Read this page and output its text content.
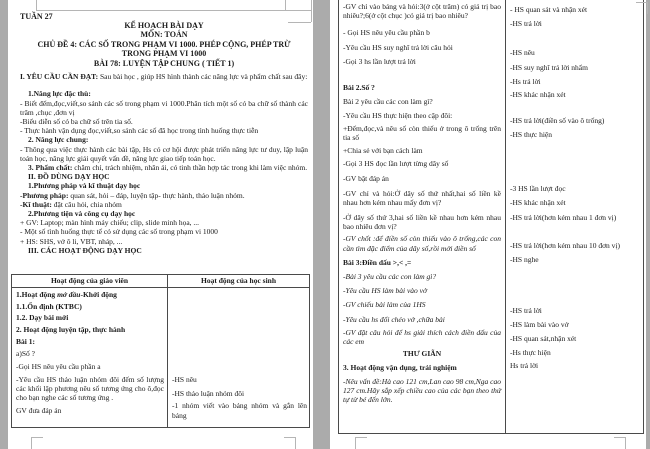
TUẦN 27

KẾ HOẠCH BÀI DẠY

MÔN: TOÁN

CHỦ ĐỀ 4: CÁC SỐ TRONG PHẠM VI 1000. PHÉP CỘNG, PHÉP TRỪ

TRONG PHẠM VI 1000

BÀI 78: LUYỆN TẬP CHUNG ( TIẾT 1)

I. YÊU CẦU CẦN ĐẠT: Sau bài học , giúp HS hình thành các năng lực và phẩm chất sau đây:

1.Năng lực đặc thù:

- Biết đếm,đọc,viết,so sánh các số trong phạm vi 1000.Phân tích một số có ba chữ số thành các trăm ,chục ,đơn vị

-Biểu diễn số có ba chữ số trên tia số.

- Thực hành vận dụng đọc,viết,so sánh các số đã học trong tình huống thực tiễn

2. Năng lực chung:

- Thông qua việc thực hành các bài tập, Hs có cơ hội được phát triển năng lực tư duy, lập luận toán học, năng lực giải quyết vấn đề, năng lực giao tiếp toán học.

3. Phẩm chất: chăm chỉ, trách nhiệm, nhân ái, có tinh thần hợp tác trong khi làm việc nhóm.

II. ĐỒ DÙNG DẠY HỌC

1.Phương pháp và kĩ thuật dạy học

-Phương pháp: quan sát, hỏi – đáp, luyện tập- thực hành, thảo luận nhóm.

-Kĩ thuật: đặt câu hỏi, chia nhóm

2.Phương tiện và công cụ dạy học

+ GV: Laptop; màn hình máy chiếu; clip, slide minh họa, ...

- Một số tình huống thực tế có sử dụng các số trong phạm vi 1000

+ HS: SHS, vở ô li, VBT, nháp, ...

III. CÁC HOẠT ĐỘNG DẠY HỌC

Hoạt động của giáo viên	Hoạt động của học sinh

1.Hoạt động mở đầu-Khởi động

1.1.Ổn định (KTBC)

1.2. Dạy bài mới

2. Hoạt động luyện tập, thực hành

Bài 1:

a)Số ?

-Gọi HS nêu yêu cầu phần a

-Yêu cầu HS thảo luận nhóm đôi đếm số lượng các khối lập phương nêu số tương ứng cho ô,đọc cho bạn nghe các số tương ứng .

GV đưa đáp án

-HS nêu

-HS thảo luận nhóm đôi

-1 nhóm viết vào bảng nhóm và gắn lên bảng

-GV chỉ vào bảng và hỏi:3(ở cột trăm) có giá trị bao nhiêu?;6(ở cột chục )có giá trị bao nhiêu?

- Gọi HS nêu yêu cầu phần b

-Yêu cầu HS suy nghĩ trả lời câu hỏi

-Gọi 3 hs lần lượt trả lời

Bài 2.Số ?

Bài 2 yêu cầu các con làm gì?

-Yêu cầu HS thực hiện theo cặp đôi:

+Đếm,đọc,và nêu số còn thiếu ở trong ô trống trên tia số

+Chia sẻ với bạn cách làm

-Gọi 3 HS đọc lần lượt từng dãy số

-GV bật đáp án

-GV chỉ và hỏi:Ở dãy số thứ nhất,hai số liền kề nhau hơn kém nhau mấy đơn vị?

-Ở dãy số thứ 3,hai số liền kề nhau hơn kém nhau bao nhiêu đơn vị?

-GV chốt :để điền số còn thiếu vào ô trống,các con cần tìm đặc điểm của dãy số,rồi mới điền số

Bài 3:Điền dấu >,< ,=

-Bài 3 yêu cầu các con làm gì?

-Yêu cầu HS làm bài vào vở

-GV chiếu bài làm của 1HS

-Yêu cầu hs đổi chéo vở ,chữa bài

-GV đặt câu hỏi để hs giải thích cách điền dấu của các em

THƯ GIÃN

3. Hoạt động vận dụng, trải nghiệm

-Nêu vấn đề:Hà cao 121 cm,Lan cao 98 cm,Nga cao 127 cm.Hãy sắp xếp chiều cao của các bạn theo thứ tự từ bé đến lớn.

- HS quan sát và nhận xét

-HS trả lời

-HS nêu

-HS suy nghĩ trả lời nhẩm

-Hs trả lời

-HS khác nhận xét

-HS trả lời(điền số vào ô trống)

-HS thực hiện

-3 HS lần lượt đọc

-HS khác nhận xét

-HS trả lời(hơn kém nhau 1 đơn vị)

-HS trả lời(hơn kém nhau 10 đơn vị)

-HS nghe

-HS trả lời

-HS làm bài vào vở

-HS quan sát,nhận xét

-Hs thực hiện

Hs trả lời
